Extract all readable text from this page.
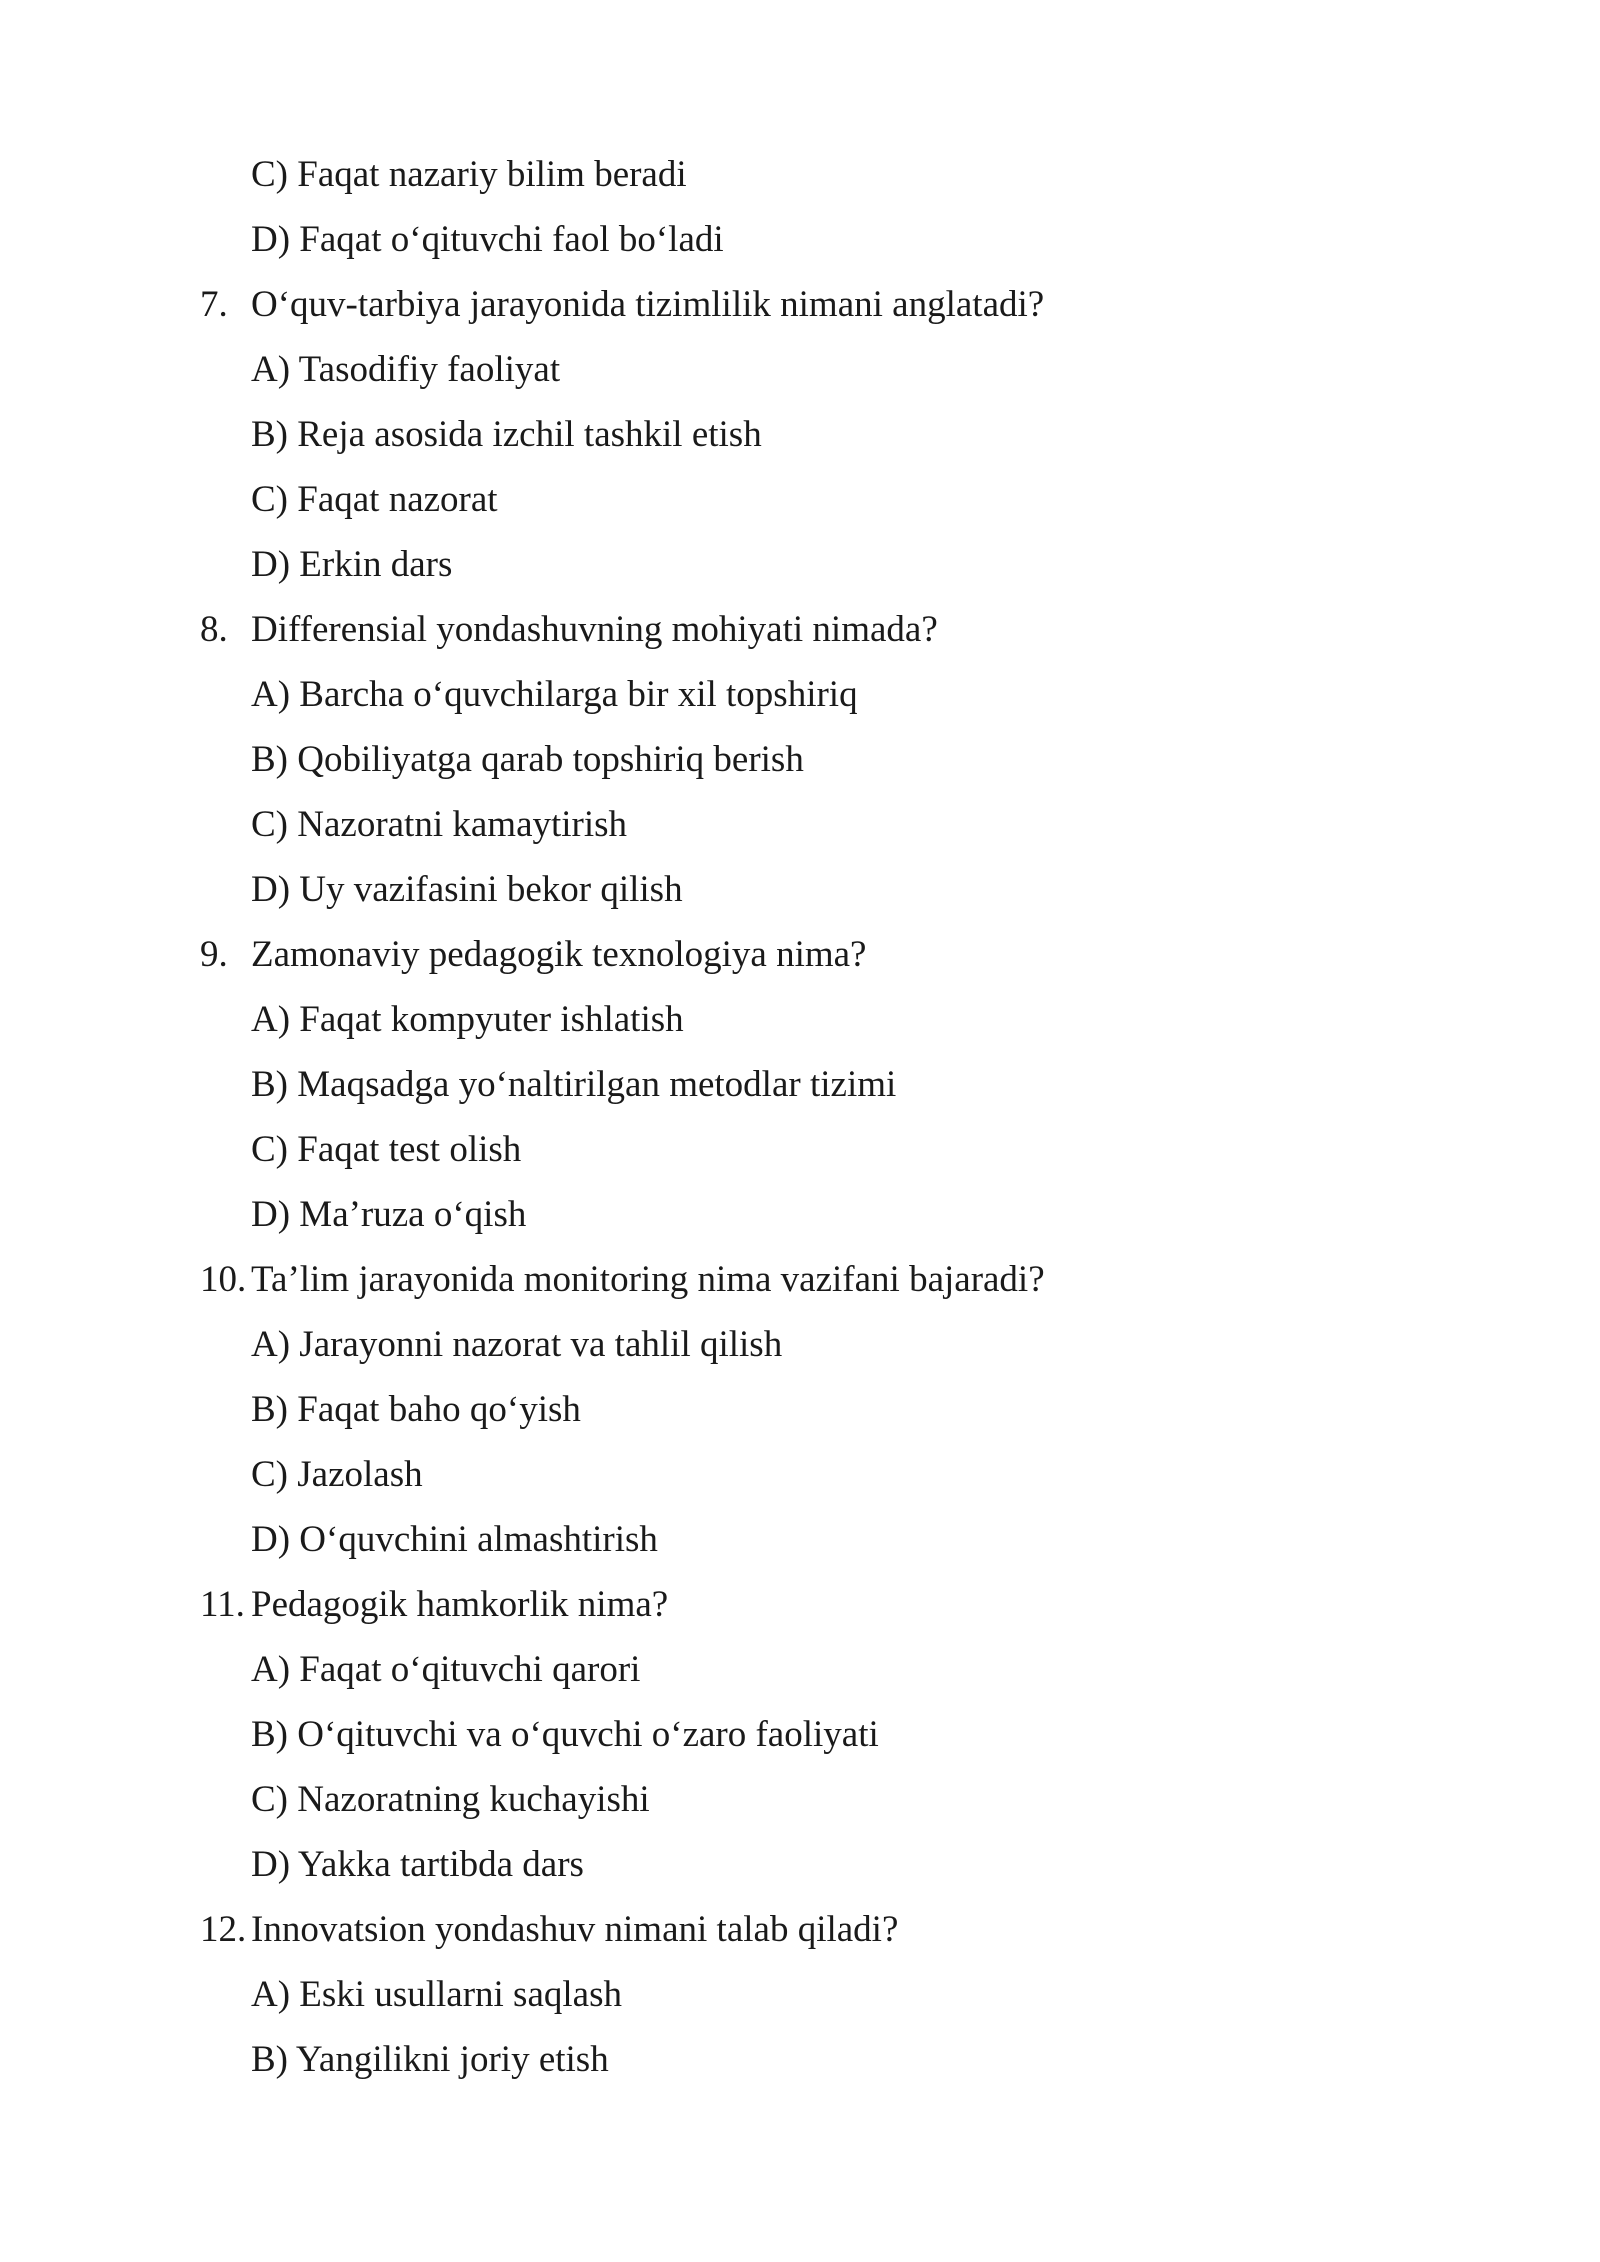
C) Faqat nazariy bilim beradi
D) Faqat o‘qituvchi faol bo‘ladi
7. O‘quv-tarbiya jarayonida tizimlilik nimani anglatadi?
A) Tasodifiy faoliyat
B) Reja asosida izchil tashkil etish
C) Faqat nazorat
D) Erkin dars
8. Differensial yondashuvning mohiyati nimada?
A) Barcha o‘quvchilarga bir xil topshiriq
B) Qobiliyatga qarab topshiriq berish
C) Nazoratni kamaytirish
D) Uy vazifasini bekor qilish
9. Zamonaviy pedagogik texnologiya nima?
A) Faqat kompyuter ishlatish
B) Maqsadga yo‘naltirilgan metodlar tizimi
C) Faqat test olish
D) Ma’ruza o‘qish
10. Ta’lim jarayonida monitoring nima vazifani bajaradi?
A) Jarayonni nazorat va tahlil qilish
B) Faqat baho qo‘yish
C) Jazolash
D) O‘quvchini almashtirish
11. Pedagogik hamkorlik nima?
A) Faqat o‘qituvchi qarori
B) O‘qituvchi va o‘quvchi o‘zaro faoliyati
C) Nazoratning kuchayishi
D) Yakka tartibda dars
12. Innovatsion yondashuv nimani talab qiladi?
A) Eski usullarni saqlash
B) Yangilikni joriy etish
